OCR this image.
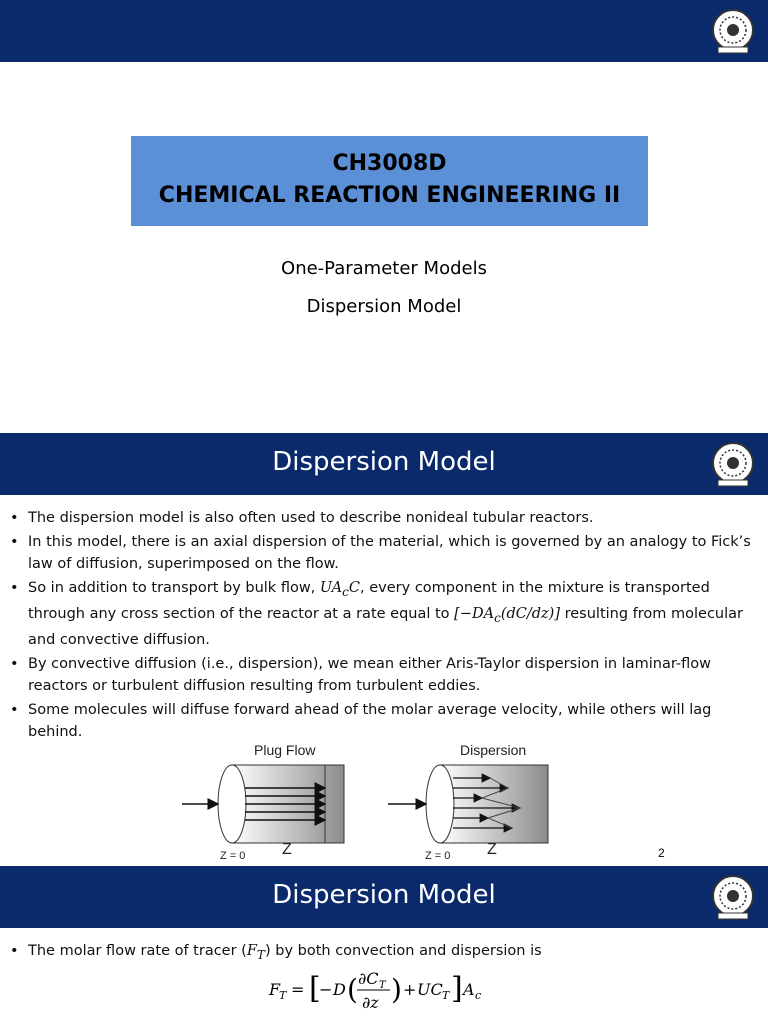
CH3008D
CHEMICAL REACTION ENGINEERING II
One-Parameter Models
Dispersion Model
Dispersion Model
• The dispersion model is also often used to describe nonideal tubular reactors.
• In this model, there is an axial dispersion of the material, which is governed by an analogy to Fick’s law of diffusion, superimposed on the flow.
• So in addition to transport by bulk flow, $UA_cC$, every component in the mixture is transported through any cross section of the reactor at a rate equal to $[-DA_c(dC/dz)]$ resulting from molecular and convective diffusion.
• By convective diffusion (i.e., dispersion), we mean either Aris-Taylor dispersion in laminar-flow reactors or turbulent diffusion resulting from turbulent eddies.
• Some molecules will diffuse forward ahead of the molar average velocity, while others will lag behind.
Plug Flow	Dispersion
Z = 0 Z	Z = 0 Z	2
Dispersion Model
• The molar flow rate of tracer $(F_T)$ by both convection and dispersion is
F
T = [
− D ( ∂C T
∂z ) + UC T ] A c
